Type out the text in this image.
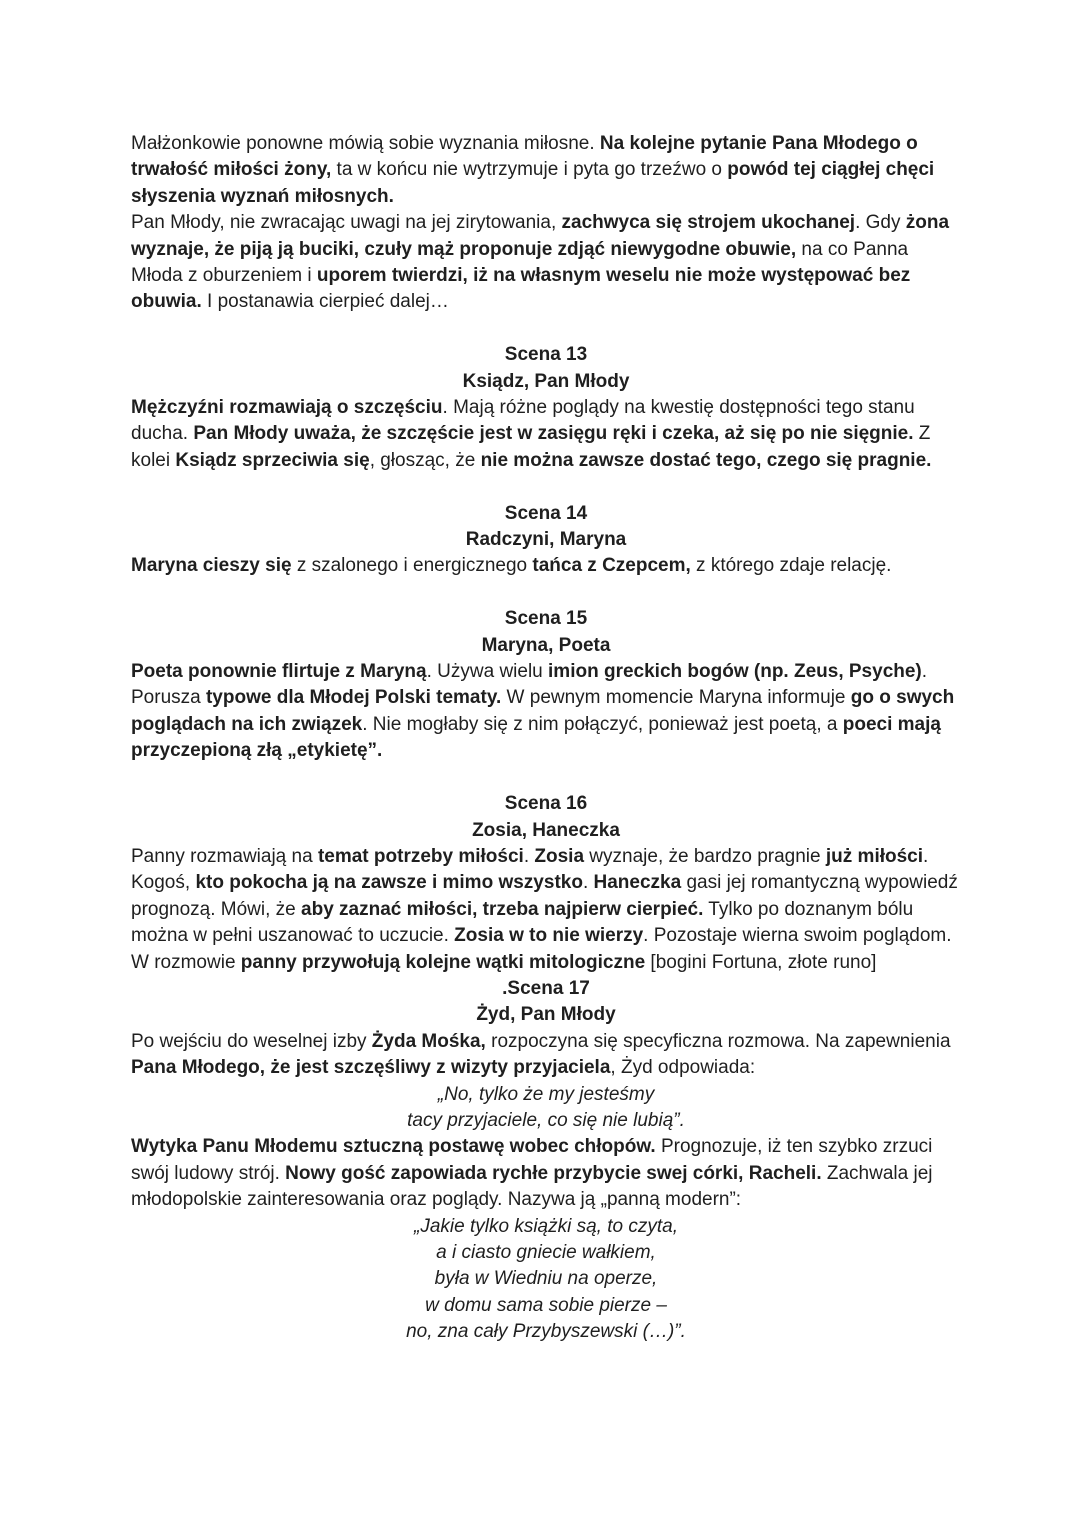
Małżonkowie ponowne mówią sobie wyznania miłosne. Na kolejne pytanie Pana Młodego o trwałość miłości żony, ta w końcu nie wytrzymuje i pyta go trzeźwo o powód tej ciągłej chęci słyszenia wyznań miłosnych.

Pan Młody, nie zwracając uwagi na jej zirytowania, zachwyca się strojem ukochanej. Gdy żona wyznaje, że piją ją buciki, czuły mąż proponuje zdjąć niewygodne obuwie, na co Panna Młoda z oburzeniem i uporem twierdzi, iż na własnym weselu nie może występować bez obuwia. I postanawia cierpieć dalej…

Scena 13

Ksiądz, Pan Młody

Mężczyźni rozmawiają o szczęściu. Mają różne poglądy na kwestię dostępności tego stanu ducha. Pan Młody uważa, że szczęście jest w zasięgu ręki i czeka, aż się po nie sięgnie. Z kolei Ksiądz sprzeciwia się, głosząc, że nie można zawsze dostać tego, czego się pragnie.

Scena 14

Radczyni, Maryna

Maryna cieszy się z szalonego i energicznego tańca z Czepcem, z którego zdaje relację.

Scena 15

Maryna, Poeta

Poeta ponownie flirtuje z Maryną. Używa wielu imion greckich bogów (np. Zeus, Psyche). Porusza typowe dla Młodej Polski tematy. W pewnym momencie Maryna informuje go o swych poglądach na ich związek. Nie mogłaby się z nim połączyć, ponieważ jest poetą, a poeci mają przyczepioną złą „etykietę”.

Scena 16

Zosia, Haneczka

Panny rozmawiają na temat potrzeby miłości. Zosia wyznaje, że bardzo pragnie już miłości. Kogoś, kto pokocha ją na zawsze i mimo wszystko. Haneczka gasi jej romantyczną wypowiedź prognozą. Mówi, że aby zaznać miłości, trzeba najpierw cierpieć. Tylko po doznanym bólu można w pełni uszanować to uczucie. Zosia w to nie wierzy. Pozostaje wierna swoim poglądom. W rozmowie panny przywołują kolejne wątki mitologiczne [bogini Fortuna, złote runo]

.Scena 17

Żyd, Pan Młody

Po wejściu do weselnej izby Żyda Mośka, rozpoczyna się specyficzna rozmowa. Na zapewnienia Pana Młodego, że jest szczęśliwy z wizyty przyjaciela, Żyd odpowiada:

„No, tylko że my jesteśmy

tacy przyjaciele, co się nie lubią”.

Wytyka Panu Młodemu sztuczną postawę wobec chłopów. Prognozuje, iż ten szybko zrzuci swój ludowy strój. Nowy gość zapowiada rychłe przybycie swej córki, Racheli. Zachwala jej młodopolskie zainteresowania oraz poglądy. Nazywa ją „panną modern”:

„Jakie tylko książki są, to czyta,

a i ciasto gniecie wałkiem,

była w Wiedniu na operze,

w domu sama sobie pierze –

no, zna cały Przybyszewski (…)”.
